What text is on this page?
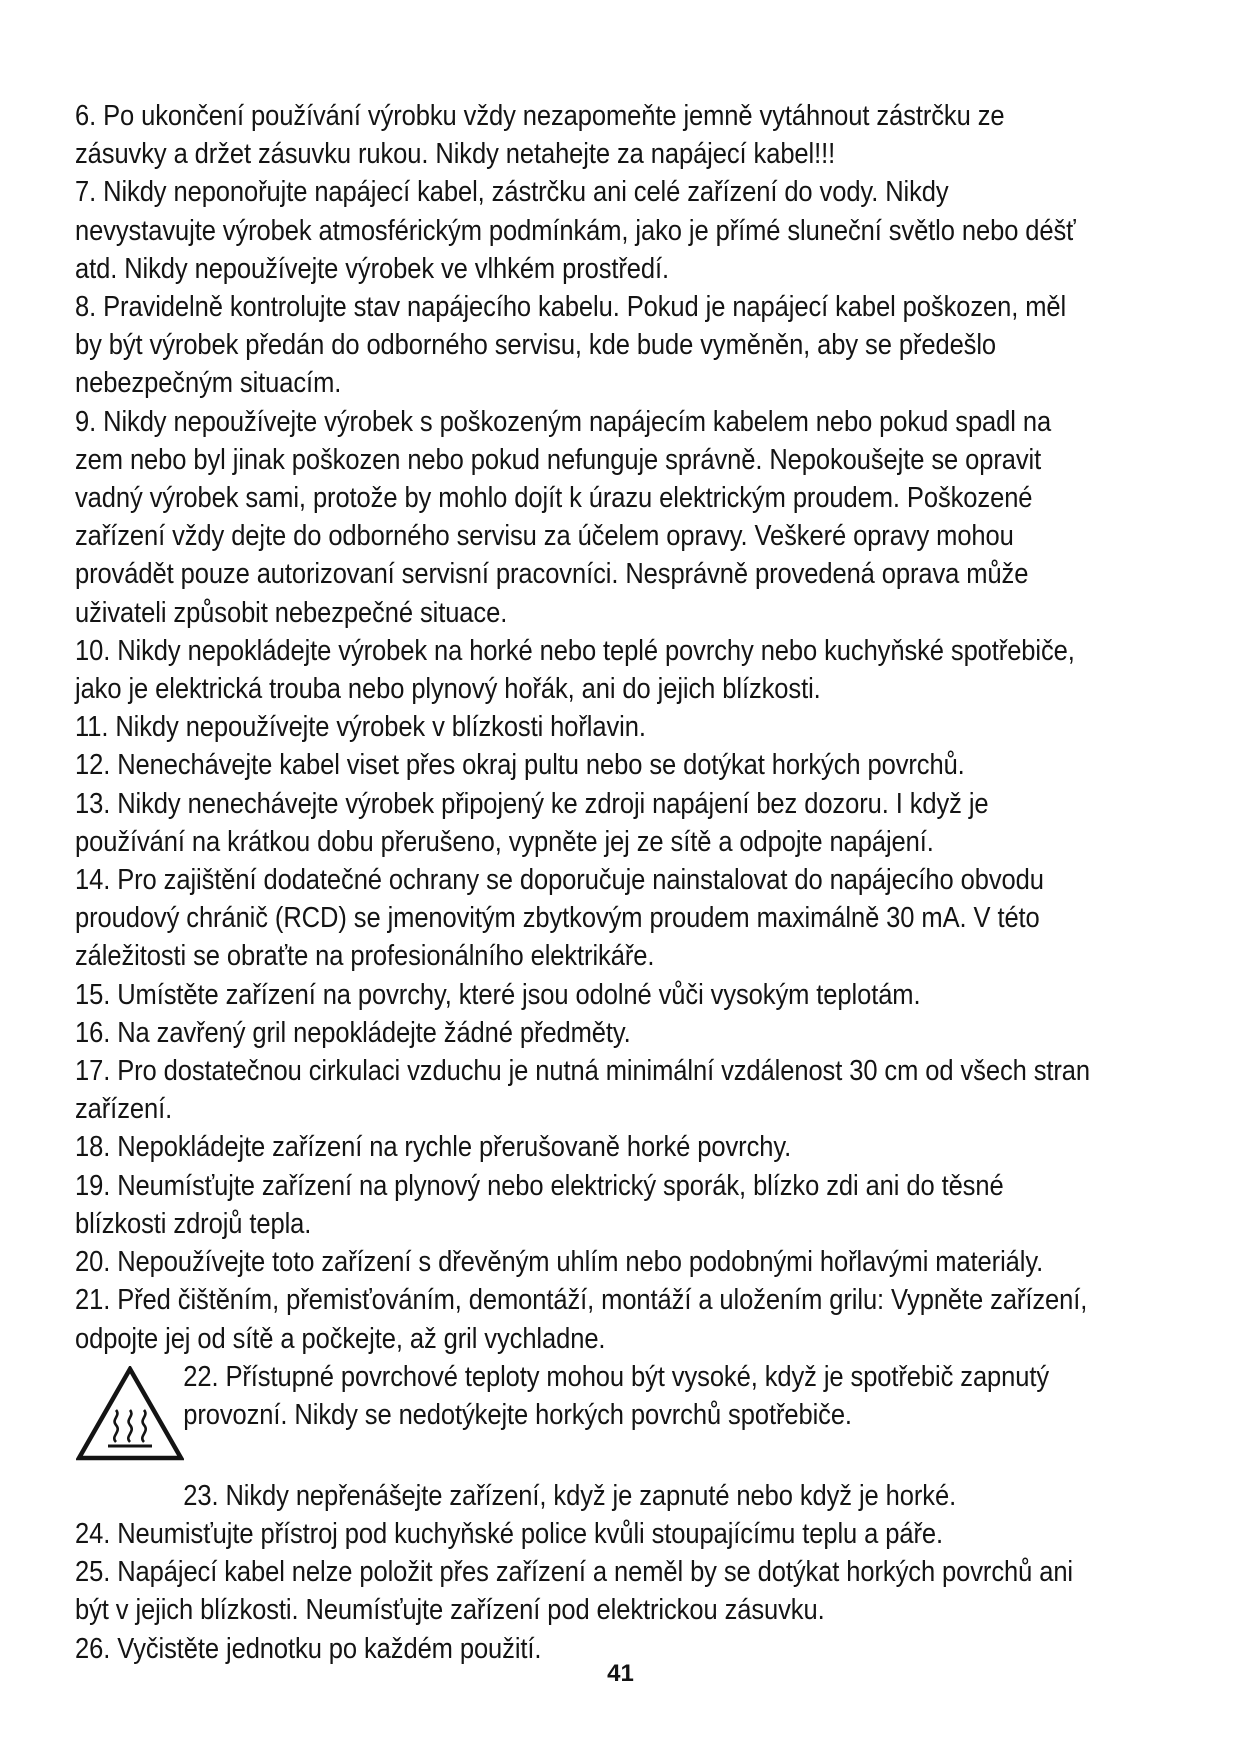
6. Po ukončení používání výrobku vždy nezapomeňte jemně vytáhnout zástrčku ze
zásuvky a držet zásuvku rukou. Nikdy netahejte za napájecí kabel!!!
7. Nikdy neponořujte napájecí kabel, zástrčku ani celé zařízení do vody. Nikdy
nevystavujte výrobek atmosférickým podmínkám, jako je přímé sluneční světlo nebo déšť
atd. Nikdy nepoužívejte výrobek ve vlhkém prostředí.
8. Pravidelně kontrolujte stav napájecího kabelu. Pokud je napájecí kabel poškozen, měl
by být výrobek předán do odborného servisu, kde bude vyměněn, aby se předešlo
nebezpečným situacím.
9. Nikdy nepoužívejte výrobek s poškozeným napájecím kabelem nebo pokud spadl na
zem nebo byl jinak poškozen nebo pokud nefunguje správně. Nepokoušejte se opravit
vadný výrobek sami, protože by mohlo dojít k úrazu elektrickým proudem. Poškozené
zařízení vždy dejte do odborného servisu za účelem opravy. Veškeré opravy mohou
provádět pouze autorizovaní servisní pracovníci. Nesprávně provedená oprava může
uživateli způsobit nebezpečné situace.
10. Nikdy nepokládejte výrobek na horké nebo teplé povrchy nebo kuchyňské spotřebiče,
jako je elektrická trouba nebo plynový hořák, ani do jejich blízkosti.
11. Nikdy nepoužívejte výrobek v blízkosti hořlavin.
12. Nenechávejte kabel viset přes okraj pultu nebo se dotýkat horkých povrchů.
13. Nikdy nenechávejte výrobek připojený ke zdroji napájení bez dozoru. I když je
používání na krátkou dobu přerušeno, vypněte jej ze sítě a odpojte napájení.
14. Pro zajištění dodatečné ochrany se doporučuje nainstalovat do napájecího obvodu
proudový chránič (RCD) se jmenovitým zbytkovým proudem maximálně 30 mA. V této
záležitosti se obraťte na profesionálního elektrikáře.
15. Umístěte zařízení na povrchy, které jsou odolné vůči vysokým teplotám.
16. Na zavřený gril nepokládejte žádné předměty.
17. Pro dostatečnou cirkulaci vzduchu je nutná minimální vzdálenost 30 cm od všech stran
zařízení.
18. Nepokládejte zařízení na rychle přerušovaně horké povrchy.
19. Neumísťujte zařízení na plynový nebo elektrický sporák, blízko zdi ani do těsné
blízkosti zdrojů tepla.
20. Nepoužívejte toto zařízení s dřevěným uhlím nebo podobnými hořlavými materiály.
21. Před čištěním, přemisťováním, demontáží, montáží a uložením grilu: Vypněte zařízení,
odpojte jej od sítě a počkejte, až gril vychladne.
22. Přístupné povrchové teploty mohou být vysoké, když je spotřebič zapnutý
provozní. Nikdy se nedotýkejte horkých povrchů spotřebiče.
23. Nikdy nepřenášejte zařízení, když je zapnuté nebo když je horké.
24. Neumisťujte přístroj pod kuchyňské police kvůli stoupajícímu teplu a páře.
25. Napájecí kabel nelze položit přes zařízení a neměl by se dotýkat horkých povrchů ani
být v jejich blízkosti. Neumísťujte zařízení pod elektrickou zásuvku.
26. Vyčistěte jednotku po každém použití.
41
